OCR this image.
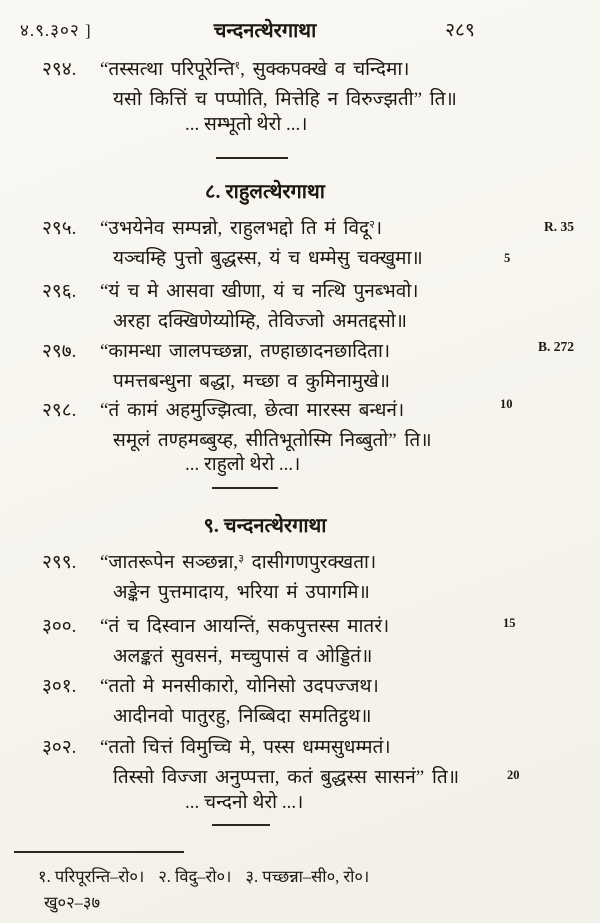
४.९.३०२ ]	चन्दनत्थेरगाथा	२८९
२९४.	“तस्सत्था परिपूरेन्ति$^१$, सुक्कपक्खे व चन्दिमा।
यसो कित्तिं च पप्पोति, मित्तेहि न विरुज्झती” ति॥
... सम्भूतो थेरो ...।
८. राहुलत्थेरगाथा
२९५.	“उभयेनेव सम्पन्नो, राहुलभद्दो ति मं विदू$^२$।
यञ्चम्हि पुत्तो बुद्धस्स, यं च धम्मेसु चक्खुमा॥
२९६.	“यं च मे आसवा खीणा, यं च नत्थि पुनब्भवो।
अरहा दक्खिणेय्योम्हि, तेविज्जो अमतद्दसो॥
२९७.	“कामन्धा जालपच्छन्ना, तण्हाछादनछादिता।
पमत्तबन्धुना बद्धा, मच्छा व कुमिनामुखे॥
२९८.	“तं कामं अहमुज्झित्वा, छेत्वा मारस्स बन्धनं।
समूलं तण्हमब्बुय्ह, सीतिभूतोस्मि निब्बुतो” ति॥
... राहुलो थेरो ...।
९. चन्दनत्थेरगाथा
२९९.	“जातरूपेन सञ्छन्ना,$^३$ दासीगणपुरक्खता।
अङ्केन पुत्तमादाय, भरिया मं उपागमि॥
३००.	“तं च दिस्वान आयन्तिं, सकपुत्तस्स मातरं।
अलङ्कतं सुवसनं, मच्चुपासं व ओड्डितं॥
३०१.	“ततो मे मनसीकारो, योनिसो उदपज्जथ।
आदीनवो पातुरहु, निब्बिदा समतिट्ठथ॥
३०२.	“ततो चित्तं विमुच्चि मे, पस्स धम्मसुधम्मतं।
तिस्सो विज्जा अनुप्पत्ता, कतं बुद्धस्स सासनं” ति॥
... चन्दनो थेरो ...।
R. 35
5
B. 272
10
15
20
१. परिपूरन्ति–रो०। २. विदु–रो०। ३. पच्छन्ना–सी०, रो०।
खु०२–३७
